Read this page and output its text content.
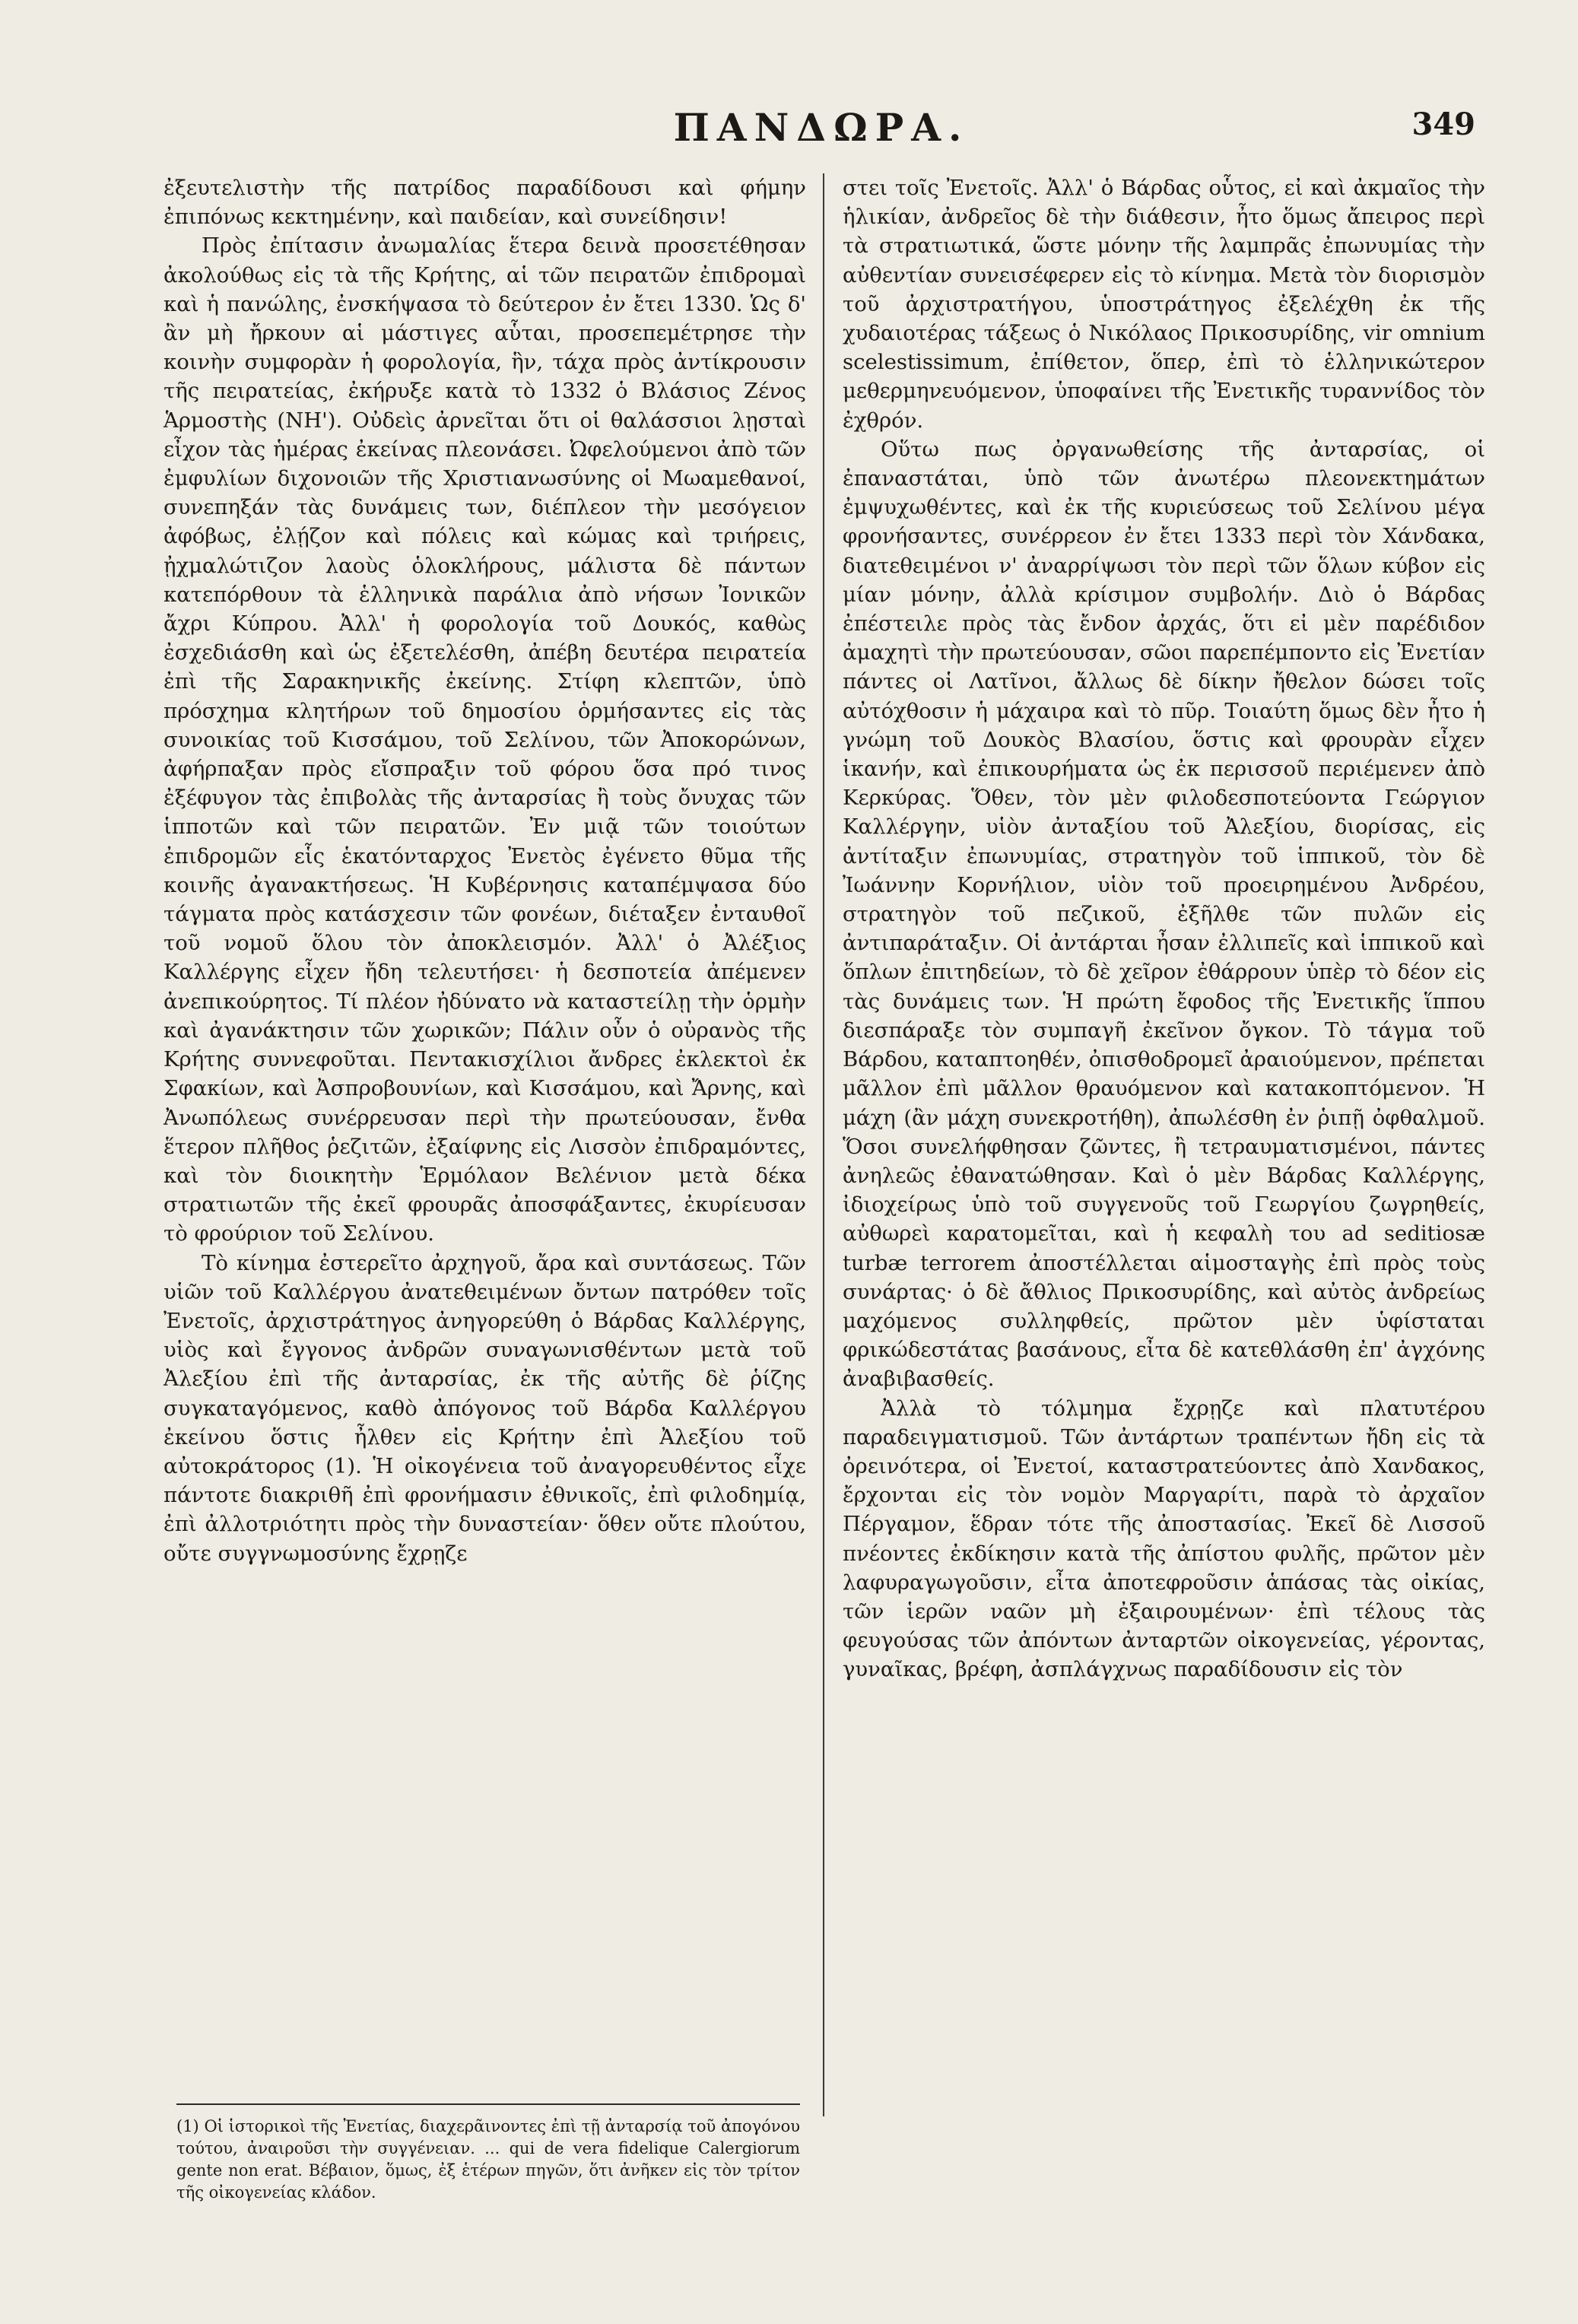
ΠΑΝΔΩΡΑ.	349

ἐξευτελιστὴν τῆς πατρίδος παραδίδουσι καὶ φήμην ἐπιπόνως κεκτημένην, καὶ παιδείαν, καὶ συνείδησιν!

Πρὸς ἐπίτασιν ἀνωμαλίας ἕτερα δεινὰ προσετέθησαν ἀκολούθως εἰς τὰ τῆς Κρήτης, αἱ τῶν πειρατῶν ἐπιδρομαὶ καὶ ἡ πανώλης, ἐνσκήψασα τὸ δεύτερον ἐν ἔτει 1330. Ὡς δ' ἂν μὴ ἤρκουν αἱ μάστιγες αὗται, προσεπεμέτρησε τὴν κοινὴν συμφορὰν ἡ φορολογία, ἣν, τάχα πρὸς ἀντίκρουσιν τῆς πειρατείας, ἐκήρυξε κατὰ τὸ 1332 ὁ Βλάσιος Ζένος Ἁρμοστὴς (ΝΗ'). Οὐδεὶς ἀρνεῖται ὅτι οἱ θαλάσσιοι λῃσταὶ εἶχον τὰς ἡμέρας ἐκείνας πλεονάσει. Ὠφελούμενοι ἀπὸ τῶν ἐμφυλίων διχονοιῶν τῆς Χριστιανωσύνης οἱ Μωαμεθανοί, συνεπηξάν τὰς δυνάμεις των, διέπλεον τὴν μεσόγειον ἀφόβως, ἐλῄζον καὶ πόλεις καὶ κώμας καὶ τριήρεις, ᾐχμαλώτιζον λαοὺς ὁλοκλήρους, μάλιστα δὲ πάντων κατεπόρθουν τὰ ἑλληνικὰ παράλια ἀπὸ νήσων Ἰονικῶν ἄχρι Κύπρου. Ἀλλ' ἡ φορολογία τοῦ Δουκός, καθὼς ἐσχεδιάσθη καὶ ὡς ἐξετελέσθη, ἀπέβη δευτέρα πειρατεία ἐπὶ τῆς Σαρακηνικῆς ἐκείνης. Στίφη κλεπτῶν, ὑπὸ πρόσχημα κλητήρων τοῦ δημοσίου ὁρμήσαντες εἰς τὰς συνοικίας τοῦ Κισσάμου, τοῦ Σελίνου, τῶν Ἀποκορώνων, ἀφήρπαξαν πρὸς εἴσπραξιν τοῦ φόρου ὅσα πρό τινος ἐξέφυγον τὰς ἐπιβολὰς τῆς ἀνταρσίας ἢ τοὺς ὄνυχας τῶν ἱπποτῶν καὶ τῶν πειρατῶν. Ἐν μιᾷ τῶν τοιούτων ἐπιδρομῶν εἷς ἑκατόνταρχος Ἐνετὸς ἐγένετο θῦμα τῆς κοινῆς ἀγανακτήσεως. Ἡ Κυβέρνησις καταπέμψασα δύο τάγματα πρὸς κατάσχεσιν τῶν φονέων, διέταξεν ἐνταυθοῖ τοῦ νομοῦ ὅλου τὸν ἀποκλεισμόν. Ἀλλ' ὁ Ἀλέξιος Καλλέργης εἶχεν ἤδη τελευτήσει· ἡ δεσποτεία ἀπέμενεν ἀνεπικούρητος. Τί πλέον ἠδύνατο νὰ καταστείλῃ τὴν ὁρμὴν καὶ ἀγανάκτησιν τῶν χωρικῶν; Πάλιν οὖν ὁ οὐρανὸς τῆς Κρήτης συννεφοῦται. Πεντακισχίλιοι ἄνδρες ἐκλεκτοὶ ἐκ Σφακίων, καὶ Ἀσπροβουνίων, καὶ Κισσάμου, καὶ Ἄρνης, καὶ Ἀνωπόλεως συνέρρευσαν περὶ τὴν πρωτεύουσαν, ἔνθα ἕτερον πλῆθος ῥεζιτῶν, ἐξαίφνης εἰς Λισσὸν ἐπιδραμόντες, καὶ τὸν διοικητὴν Ἑρμόλαον Βελένιον μετὰ δέκα στρατιωτῶν τῆς ἐκεῖ φρουρᾶς ἀποσφάξαντες, ἐκυρίευσαν τὸ φρούριον τοῦ Σελίνου.

Τὸ κίνημα ἐστερεῖτο ἀρχηγοῦ, ἄρα καὶ συντάσεως. Τῶν υἱῶν τοῦ Καλλέργου ἀνατεθειμένων ὄντων πατρόθεν τοῖς Ἐνετοῖς, ἀρχιστράτηγος ἀνηγορεύθη ὁ Βάρδας Καλλέργης, υἱὸς καὶ ἔγγονος ἀνδρῶν συναγωνισθέντων μετὰ τοῦ Ἀλεξίου ἐπὶ τῆς ἀνταρσίας, ἐκ τῆς αὐτῆς δὲ ῥίζης συγκαταγόμενος, καθὸ ἀπόγονος τοῦ Βάρδα Καλλέργου ἐκείνου ὅστις ἦλθεν εἰς Κρήτην ἐπὶ Ἀλεξίου τοῦ αὐτοκράτορος (1). Ἡ οἰκογένεια τοῦ ἀναγορευθέντος εἶχε πάντοτε διακριθῆ ἐπὶ φρονήμασιν ἐθνικοῖς, ἐπὶ φιλοδημίᾳ, ἐπὶ ἀλλοτριότητι πρὸς τὴν δυναστείαν· ὅθεν οὔτε πλούτου, οὔτε συγγνωμοσύνης ἔχρῃζε

στει τοῖς Ἐνετοῖς. Ἀλλ' ὁ Βάρδας οὗτος, εἰ καὶ ἀκμαῖος τὴν ἡλικίαν, ἀνδρεῖος δὲ τὴν διάθεσιν, ἦτο ὅμως ἄπειρος περὶ τὰ στρατιωτικά, ὥστε μόνην τῆς λαμπρᾶς ἐπωνυμίας τὴν αὐθεντίαν συνεισέφερεν εἰς τὸ κίνημα. Μετὰ τὸν διορισμὸν τοῦ ἀρχιστρατήγου, ὑποστράτηγος ἐξελέχθη ἐκ τῆς χυδαιοτέρας τάξεως ὁ Νικόλαος Πρικοσυρίδης, vir omnium scelestissimum, ἐπίθετον, ὅπερ, ἐπὶ τὸ ἑλληνικώτερον μεθερμηνευόμενον, ὑποφαίνει τῆς Ἐνετικῆς τυραννίδος τὸν ἐχθρόν.

Οὕτω πως ὀργανωθείσης τῆς ἀνταρσίας, οἱ ἐπαναστάται, ὑπὸ τῶν ἀνωτέρω πλεονεκτημάτων ἐμψυχωθέντες, καὶ ἐκ τῆς κυριεύσεως τοῦ Σελίνου μέγα φρονήσαντες, συνέρρεον ἐν ἔτει 1333 περὶ τὸν Χάνδακα, διατεθειμένοι ν' ἀναρρίψωσι τὸν περὶ τῶν ὅλων κύβον εἰς μίαν μόνην, ἀλλὰ κρίσιμον συμβολήν. Διὸ ὁ Βάρδας ἐπέστειλε πρὸς τὰς ἔνδον ἀρχάς, ὅτι εἰ μὲν παρέδιδον ἀμαχητὶ τὴν πρωτεύουσαν, σῶοι παρεπέμποντο εἰς Ἐνετίαν πάντες οἱ Λατῖνοι, ἄλλως δὲ δίκην ἤθελον δώσει τοῖς αὐτόχθοσιν ἡ μάχαιρα καὶ τὸ πῦρ. Τοιαύτη ὅμως δὲν ἦτο ἡ γνώμη τοῦ Δουκὸς Βλασίου, ὅστις καὶ φρουρὰν εἶχεν ἱκανήν, καὶ ἐπικουρήματα ὡς ἐκ περισσοῦ περιέμενεν ἀπὸ Κερκύρας. Ὅθεν, τὸν μὲν φιλοδεσποτεύοντα Γεώργιον Καλλέργην, υἱὸν ἀνταξίου τοῦ Ἀλεξίου, διορίσας, εἰς ἀντίταξιν ἐπωνυμίας, στρατηγὸν τοῦ ἱππικοῦ, τὸν δὲ Ἰωάννην Κορνήλιον, υἱὸν τοῦ προειρημένου Ἀνδρέου, στρατηγὸν τοῦ πεζικοῦ, ἐξῆλθε τῶν πυλῶν εἰς ἀντιπαράταξιν. Οἱ ἀντάρται ἦσαν ἐλλιπεῖς καὶ ἱππικοῦ καὶ ὅπλων ἐπιτηδείων, τὸ δὲ χεῖρον ἐθάρρουν ὑπὲρ τὸ δέον εἰς τὰς δυνάμεις των. Ἡ πρώτη ἔφοδος τῆς Ἐνετικῆς ἵππου διεσπάραξε τὸν συμπαγῆ ἐκεῖνον ὄγκον. Τὸ τάγμα τοῦ Βάρδου, καταπτοηθέν, ὀπισθοδρομεῖ ἀραιούμενον, πρέπεται μᾶλλον ἐπὶ μᾶλλον θραυόμενον καὶ κατακοπτόμενον. Ἡ μάχη (ἂν μάχη συνεκροτήθη), ἀπωλέσθη ἐν ῥιπῇ ὀφθαλμοῦ. Ὅσοι συνελήφθησαν ζῶντες, ἢ τετραυματισμένοι, πάντες ἀνηλεῶς ἐθανατώθησαν. Καὶ ὁ μὲν Βάρδας Καλλέργης, ἰδιοχείρως ὑπὸ τοῦ συγγενοῦς τοῦ Γεωργίου ζωγρηθείς, αὐθωρεὶ καρατομεῖται, καὶ ἡ κεφαλὴ του ad seditiosæ turbæ terrorem ἀποστέλλεται αἱμοσταγὴς ἐπὶ πρὸς τοὺς συνάρτας· ὁ δὲ ἄθλιος Πρικοσυρίδης, καὶ αὐτὸς ἀνδρείως μαχόμενος συλληφθείς, πρῶτον μὲν ὑφίσταται φρικώδεστάτας βασάνους, εἶτα δὲ κατεθλάσθη ἐπ' ἀγχόνης ἀναβιβασθείς.

Ἀλλὰ τὸ τόλμημα ἔχρῃζε καὶ πλατυτέρου παραδειγματισμοῦ. Τῶν ἀντάρτων τραπέντων ἤδη εἰς τὰ ὀρεινότερα, οἱ Ἐνετοί, καταστρατεύοντες ἀπὸ Χανδακος, ἔρχονται εἰς τὸν νομὸν Μαργαρίτι, παρὰ τὸ ἀρχαῖον Πέργαμον, ἕδραν τότε τῆς ἀποστασίας. Ἐκεῖ δὲ Λισσοῦ πνέοντες ἐκδίκησιν κατὰ τῆς ἀπίστου φυλῆς, πρῶτον μὲν λαφυραγωγοῦσιν, εἶτα ἀποτεφροῦσιν ἁπάσας τὰς οἰκίας, τῶν ἱερῶν ναῶν μὴ ἐξαιρουμένων· ἐπὶ τέλους τὰς φευγούσας τῶν ἀπόντων ἀνταρτῶν οἰκογενείας, γέροντας, γυναῖκας, βρέφη, ἀσπλάγχνως παραδίδουσιν εἰς τὸν

(1) Οἱ ἱστορικοὶ τῆς Ἐνετίας, διαχερᾶινοντες ἐπὶ τῇ ἀνταρσίᾳ τοῦ ἀπογόνου τούτου, ἀναιροῦσι τὴν συγγένειαν. ... qui de vera fidelique Calergiorum gente non erat. Βέβαιον, ὅμως, ἐξ ἑτέρων πηγῶν, ὅτι ἀνῆκεν εἰς τὸν τρίτον τῆς οἰκογενείας κλάδον.
